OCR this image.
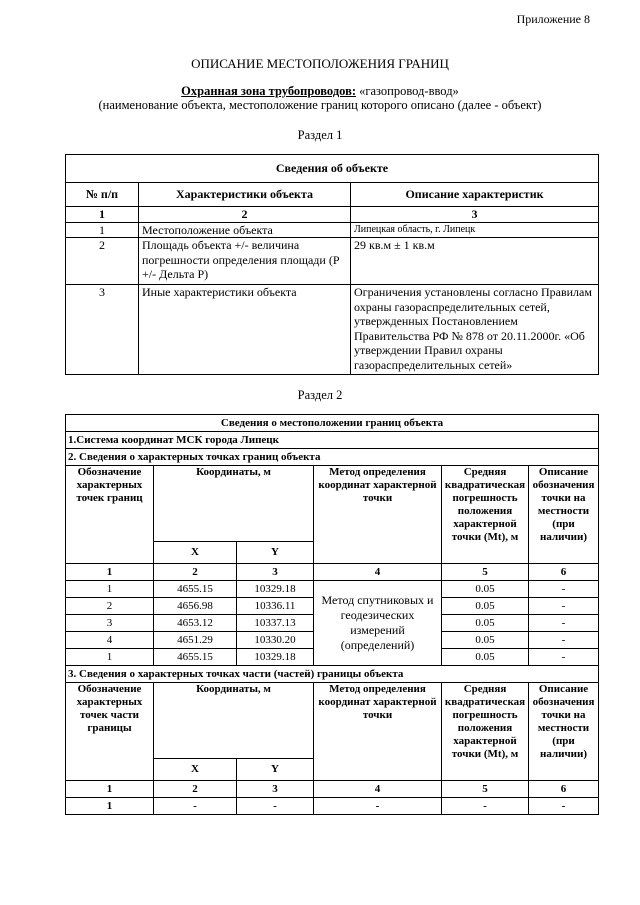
Приложение 8
ОПИСАНИЕ МЕСТОПОЛОЖЕНИЯ ГРАНИЦ
Охранная зона трубопроводов: «газопровод-ввод»
(наименование объекта, местоположение границ которого описано (далее - объект)
Раздел 1
Сведения об объекте		
№ п/п	Характеристики объекта	Описание характеристик
1	2	3
1	Местоположение объекта	Липецкая область, г. Липецк
2	Площадь объекта +/- величина погрешности определения площади (P +/- Дельта P)	29 кв.м ± 1 кв.м
3	Иные характеристики объекта	Ограничения установлены согласно Правилам охраны газораспределительных сетей, утвержденных Постановлением Правительства РФ № 878 от 20.11.2000г. «Об утверждении Правил охраны газораспределительных сетей»
Раздел 2
Сведения о местоположении границ объекта					
1.Система координат МСК города Липецк					
2. Сведения о характерных точках границ объекта					
Обозначение характерных точек границ	Координаты, м		Метод определения координат характерной точки	Средняя квадратическая погрешность положения характерной точки (Mt), м	Описание обозначения точки на местности (при наличии)
	X	Y			
1	2	3	4	5	6
1	4655.15	10329.18	Метод спутниковых и геодезических измерений (определений)	0.05	-
2	4656.98	10336.11		0.05	-
3	4653.12	10337.13		0.05	-
4	4651.29	10330.20		0.05	-
1	4655.15	10329.18		0.05	-
3. Сведения о характерных точках части (частей) границы объекта					
Обозначение характерных точек части границы	Координаты, м		Метод определения координат характерной точки	Средняя квадратическая погрешность положения характерной точки (Mt), м	Описание обозначения точки на местности (при наличии)
	X	Y			
1	2	3	4	5	6
1	-	-	-	-	-
